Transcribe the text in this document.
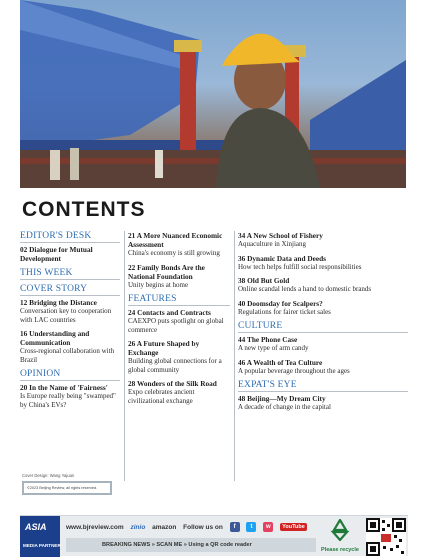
CONTENTS
EDITOR'S DESK
02 Dialogue for Mutual Development
THIS WEEK
COVER STORY
12 Bridging the Distance
Conversation key to cooperation with LAC countries
16 Understanding and Communication
Cross-regional collaboration with Brazil
OPINION
20 In the Name of 'Fairness'
Is Europe really being "swamped" by China's EVs?
21 A More Nuanced Economic Assessment
China's economy is still growing
22 Family Bonds Are the National Foundation
Unity begins at home
FEATURES
24 Contacts and Contracts
CAEXPO puts spotlight on global commerce
26 A Future Shaped by Exchange
Building global connections for a global community
28 Wonders of the Silk Road
Expo celebrates ancient civilizational exchange
34 A New School of Fishery
Aquaculture in Xinjiang
36 Dynamic Data and Deeds
How tech helps fulfill social responsibilities
38 Old But Gold
Online scandal lends a hand to domestic brands
40 Doomsday for Scalpers?
Regulations for fairer ticket sales
CULTURE
44 The Phone Case
A new type of arm candy
46 A Wealth of Tea Culture
A popular beverage throughout the ages
EXPAT'S EYE
48 Beijing—My Dream City
A decade of change in the capital
Cover Design: Wang Yajuan
©2023 Beijing Review, all rights reserved.
ASIA
MEDIA PARTNER
www.bjreview.com zinio amazon Follow us on f t w YouTube
BREAKING NEWS » SCAN ME » Using a QR code reader
Please recycle
